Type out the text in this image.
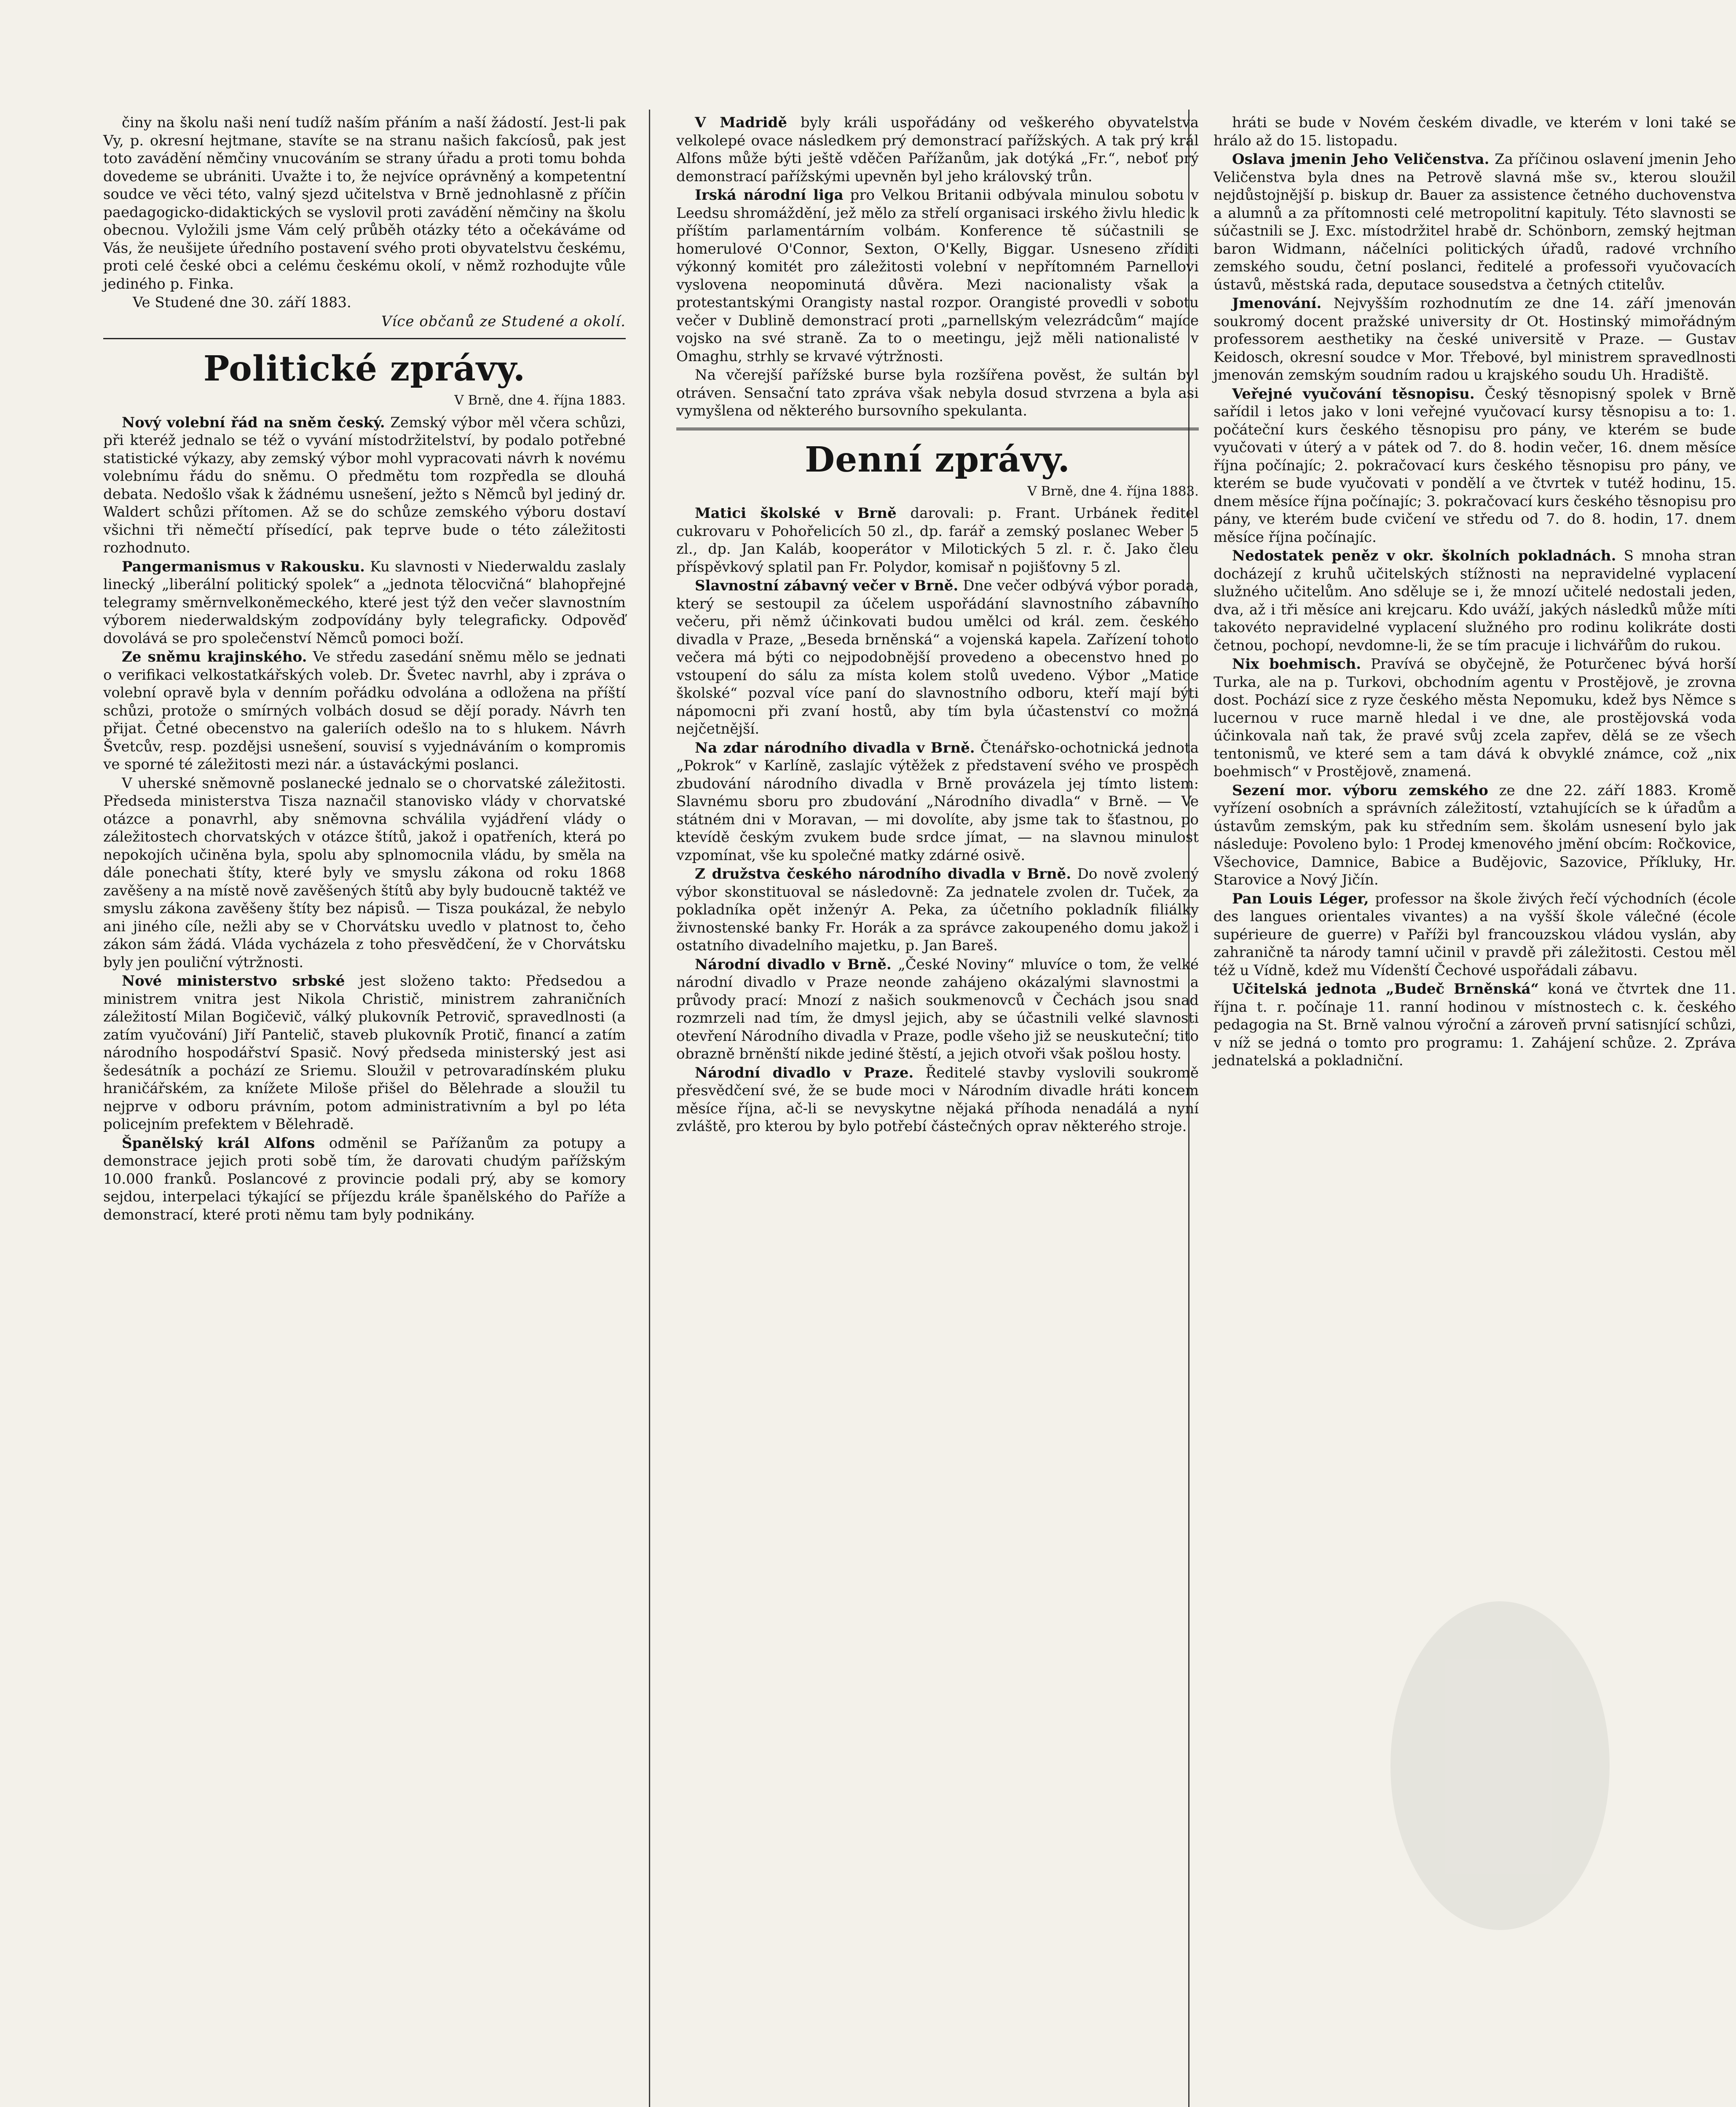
činy na školu naši není tudíž naším přáním a naší žádostí. Jest-li pak Vy, p. okresní hejtmane, stavíte se na stranu našich fakcíosů, pak jest toto zavádění němčiny vnucováním se strany úřadu a proti tomu bohda dovedeme se ubrániti. Uvažte i to, že nejvíce oprávněný a kompetentní soudce ve věci této, valný sjezd učitelstva v Brně jednohlasně z příčin paedagogicko-didaktických se vyslovil proti zavádění němčiny na školu obecnou. Vyložili jsme Vám celý průběh otázky této a očekáváme od Vás, že neušijete úředního postavení svého proti obyvatelstvu českému, proti celé české obci a celému českému okolí, v němž rozhodujte vůle jediného p. Finka.

Ve Studené dne 30. září 1883.

Více občanů ze Studené a okolí.

Politické zprávy.
V Brně, dne 4. října 1883.

Nový volební řád na sněm český. Zemský výbor měl včera schůzi, při kteréž jednalo se též o vyvání místodržitelství, by podalo potřebné statistické výkazy, aby zemský výbor mohl vypracovati návrh k novému volebnímu řádu do sněmu. O předmětu tom rozpředla se dlouhá debata. Nedošlo však k žádnému usnešení, ježto s Němců byl jediný dr. Waldert schůzi přítomen. Až se do schůze zemského výboru dostaví všichni tři němečtí přísedící, pak teprve bude o této záležitosti rozhodnuto.

Pangermanismus v Rakousku. Ku slavnosti v Niederwaldu zaslaly linecký „liberální politický spolek“ a „jednota tělocvičná“ blahopřejné telegramy směrnvelkoněmeckého, které jest týž den večer slavnostním výborem niederwaldským zodpovídány byly telegraficky. Odpověď dovolává se pro společenství Němců pomoci boží.

Ze sněmu krajinského. Ve středu zasedání sněmu mělo se jednati o verifikaci velkostatkářských voleb. Dr. Švetec navrhl, aby i zpráva o volební opravě byla v denním pořádku odvolána a odložena na příští schůzi, protože o smírných volbách dosud se dějí porady. Návrh ten přijat. Četné obecenstvo na galeriích odešlo na to s hlukem. Návrh Švetcův, resp. pozdějsi usnešení, souvisí s vyjednáváním o kompromis ve sporné té záležitosti mezi nár. a ústaváckými poslanci.

V uherské sněmovně poslanecké jednalo se o chorvatské záležitosti. Předseda ministerstva Tisza naznačil stanovisko vlády v chorvatské otázce a ponavrhl, aby sněmovna schválila vyjádření vlády o záležitostech chorvatských v otázce štítů, jakož i opatřeních, která po nepokojích učiněna byla, spolu aby splnomocnila vládu, by směla na dále ponechati štíty, které byly ve smyslu zákona od roku 1868 zavěšeny a na místě nově zavěšených štítů aby byly budoucně taktéž ve smyslu zákona zavěšeny štíty bez nápisů. — Tisza poukázal, že nebylo ani jiného cíle, nežli aby se v Chorvátsku uvedlo v platnost to, čeho zákon sám žádá. Vláda vycházela z toho přesvědčení, že v Chorvátsku byly jen pouliční výtržnosti.

Nové ministerstvo srbské jest složeno takto: Předsedou a ministrem vnitra jest Nikola Christič, ministrem zahraničních záležitostí Milan Bogičevič, válký plukovník Petrovič, spravedlnosti (a zatím vyučování) Jiří Pantelič, staveb plukovník Protič, financí a zatím národního hospodářství Spasič. Nový předseda ministerský jest asi šedesátník a pochází ze Sriemu. Sloužil v petrovaradínském pluku hraničářském, za knížete Miloše přišel do Bělehrade a sloužil tu nejprve v odboru právním, potom administrativním a byl po léta policejním prefektem v Bělehradě.

Španělský král Alfons odměnil se Pařížanům za potupy a demonstrace jejich proti sobě tím, že darovati chudým pařížským 10.000 franků. Poslancové z provincie podali prý, aby se komory sejdou, interpelaci týkající se příjezdu krále španělského do Paříže a demonstrací, které proti němu tam byly podnikány.

V Madridě byly králi uspořádány od veškerého obyvatelstva velkolepé ovace následkem prý demonstrací pařížských. A tak prý král Alfons může býti ještě vděčen Pařížanům, jak dotýká „Fr.“, neboť prý demonstrací pařížskými upevněn byl jeho královský trůn.

Irská národní liga pro Velkou Britanii odbývala minulou sobotu v Leedsu shromáždění, jež mělo za střelí organisaci irského živlu hledic k příštím parlamentárním volbám. Konference tě súčastnili se homerulové O'Connor, Sexton, O'Kelly, Biggar. Usneseno zříditi výkonný komitét pro záležitosti volební v nepřítomném Parnellovi vyslovena neopominutá důvěra. Mezi nacionalisty však a protestantskými Orangisty nastal rozpor. Orangisté provedli v sobotu večer v Dublině demonstrací proti „parnellským velezrádcům“ majíce vojsko na své straně. Za to o meetingu, jejž měli nationalisté v Omaghu, strhly se krvavé výtržnosti.

Na včerejší pařížské burse byla rozšířena pověst, že sultán byl otráven. Sensační tato zpráva však nebyla dosud stvrzena a byla asi vymyšlena od některého bursovního spekulanta.

Denní zprávy.
V Brně, dne 4. října 1883.

Matici školské v Brně darovali: p. Frant. Urbánek ředitel cukrovaru v Pohořelicích 50 zl., dp. farář a zemský poslanec Weber 5 zl., dp. Jan Kaláb, kooperátor v Milotických 5 zl. r. č. Jako čleu příspěvkový splatil pan Fr. Polydor, komisař n pojišťovny 5 zl.

Slavnostní zábavný večer v Brně. Dne večer odbývá výbor porada, který se sestoupil za účelem uspořádání slavnostního zábavního večeru, při němž účinkovati budou umělci od král. zem. českého divadla v Praze, „Beseda brněnská“ a vojenská kapela. Zařízení tohoto večera má býti co nejpodobnější provedeno a obecenstvo hned po vstoupení do sálu za místa kolem stolů uvedeno. Výbor „Matice školské“ pozval více paní do slavnostního odboru, kteří mají býti nápomocni při zvaní hostů, aby tím byla účastenství co možná nejčetnější.

Na zdar národního divadla v Brně. Čtenářsko-ochotnická jednota „Pokrok“ v Karlíně, zaslajíc výtěžek z představení svého ve prospěch zbudování národního divadla v Brně provázela jej tímto listem: Slavnému sboru pro zbudování „Národního divadla“ v Brně. — Ve státném dni v Moravan, — mi dovolíte, aby jsme tak to šťastnou, po ktevídě českým zvukem bude srdce jímat, — na slavnou minulost vzpomínat, vše ku společné matky zdárné osivě.

Z družstva českého národního divadla v Brně. Do nově zvolený výbor skonstituoval se následovně: Za jednatele zvolen dr. Tuček, za pokladníka opět inženýr A. Peka, za účetního pokladník filiálky živnostenské banky Fr. Horák a za správce zakoupeného domu jakož i ostatního divadelního majetku, p. Jan Bareš.

Národní divadlo v Brně. „České Noviny“ mluvíce o tom, že velké národní divadlo v Praze neonde zahájeno okázalými slavnostmi a průvody prací: Mnozí z našich soukmenovců v Čechách jsou snad rozmrzeli nad tím, že dmysl jejich, aby se účastnili velké slavnosti otevření Národního divadla v Praze, podle všeho již se neuskuteční; tito obrazně brněnští nikde jediné štěstí, a jejich otvoři však pošlou hosty.

Národní divadlo v Praze. Ředitelé stavby vyslovili soukromě přesvědčení své, že se bude moci v Národním divadle hráti koncem měsíce října, ač-li se nevyskytne nějaká příhoda nenadálá a nyní zvláště, pro kterou by bylo potřebí částečných oprav některého stroje.

hráti se bude v Novém českém divadle, ve kterém v loni také se hrálo až do 15. listopadu.

Oslava jmenin Jeho Veličenstva. Za příčinou oslavení jmenin Jeho Veličenstva byla dnes na Petrově slavná mše sv., kterou sloužil nejdůstojnější p. biskup dr. Bauer za assistence četného duchovenstva a alumnů a za přítomnosti celé metropolitní kapituly. Této slavnosti se súčastnili se J. Exc. místodržitel hrabě dr. Schönborn, zemský hejtman baron Widmann, náčelníci politických úřadů, radové vrchního zemského soudu, četní poslanci, ředitelé a professoři vyučovacích ústavů, městská rada, deputace sousedstva a četných ctitelův.

Jmenování. Nejvyšším rozhodnutím ze dne 14. září jmenován soukromý docent pražské university dr Ot. Hostinský mimořádným professorem aesthetiky na české universitě v Praze. — Gustav Keidosch, okresní soudce v Mor. Třebové, byl ministrem spravedlnosti jmenován zemským soudním radou u krajského soudu Uh. Hradiště.

Veřejné vyučování těsnopisu. Český těsnopisný spolek v Brně sařídil i letos jako v loni veřejné vyučovací kursy těsnopisu a to: 1. počáteční kurs českého těsnopisu pro pány, ve kterém se bude vyučovati v úterý a v pátek od 7. do 8. hodin večer, 16. dnem měsíce října počínajíc; 2. pokračovací kurs českého těsnopisu pro pány, ve kterém se bude vyučovati v pondělí a ve čtvrtek v tutéž hodinu, 15. dnem měsíce října počínajíc; 3. pokračovací kurs českého těsnopisu pro pány, ve kterém bude cvičení ve středu od 7. do 8. hodin, 17. dnem měsíce října počínajíc.

Nedostatek peněz v okr. školních pokladnách. S mnoha stran docházejí z kruhů učitelských stížnosti na nepravidelné vyplacení služného učitelům. Ano sděluje se i, že mnozí učitelé nedostali jeden, dva, až i tři měsíce ani krejcaru. Kdo uváží, jakých následků může míti takovéto nepravidelné vyplacení služného pro rodinu kolikráte dosti četnou, pochopí, nevdomne-li, že se tím pracuje i lichvářům do rukou.

Nix boehmisch. Pravívá se obyčejně, že Poturčenec bývá horší Turka, ale na p. Turkovi, obchodním agentu v Prostějově, je zrovna dost. Pochází sice z ryze českého města Nepomuku, kdež bys Němce s lucernou v ruce marně hledal i ve dne, ale prostějovská voda účinkovala naň tak, že pravé svůj zcela zapřev, dělá se ze všech tentonismů, ve které sem a tam dává k obvyklé známce, což „nix boehmisch“ v Prostějově, znamená.

Sezení mor. výboru zemského ze dne 22. září 1883. Kromě vyřízení osobních a správních záležitostí, vztahujících se k úřadům a ústavům zemským, pak ku středním sem. školám usnesení bylo jak následuje: Povoleno bylo: 1 Prodej kmenového jmění obcím: Ročkovice, Všechovice, Damnice, Babice a Budějovic, Sazovice, Příkluky, Hr. Starovice a Nový Jičín.

Pan Louis Léger, professor na škole živých řečí východních (école des langues orientales vivantes) a na vyšší škole válečné (école supérieure de guerre) v Paříži byl francouzskou vládou vyslán, aby zahraničně ta národy tamní učinil v pravdě při záležitosti. Cestou měl též u Vídně, kdež mu Vídenští Čechové uspořádali zábavu.

Učitelská jednota „Budeč Brněnská“ koná ve čtvrtek dne 11. října t. r. počínaje 11. ranní hodinou v místnostech c. k. českého pedagogia na St. Brně valnou výroční a zároveň první satisnjící schůzi, v níž se jedná o tomto pro programu: 1. Zahájení schůze. 2. Zpráva jednatelská a pokladniční.
